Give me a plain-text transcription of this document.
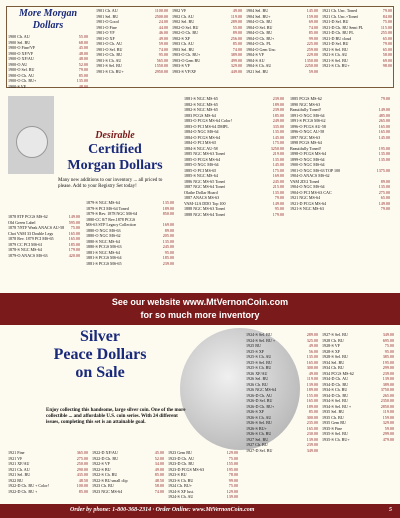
More Morgan Dollars
1900 Ch. AU	55.00
1900 Sel. BU	68.00
1900-O Fine/VF	45.00
1900-O XF/VF	48.00
1900-O XF/AU	48.00
1900-O AU	52.00
1900-O Sel. BU	79.00
1900-O Ch. AU	85.00
1900-O Ch. BU+	135.00
1900-S VF	48.00
1901 Ch. AU	1100.00
1901 Sel. BU	2500.00
1901-O Good	24.00
1901-O Fine	44.00
1901-O VF	46.00
1901-O XF	49.00
1901-O Ch. AU	59.00
1901-O Sel. BU	74.00
1901-O Ch. BU	95.00
1901-S Ch. AU	565.00
1901-S Sel. BU	1550.00
1901-S Ch. BU+	2950.00
1902 VF	49.00
1902 Ch. AU	119.00
1902 Sel. BU	289.00
1902-O Sel. BU	55.00
1902-O Ch. BU	89.00
1902-S XF	256.00
1903 Ch. AU	85.00
1903 Sel. BU	74.00
1903-O Ch. BU+	389.00
1903-O Gem BU	499.00
1903-S VF	329.00
1903-S VF/XF	449.00
1904 Sel. BU	145.00
1904 Sel. BU+	159.00
1904-O Ch. BU	69.00
1904-O Sel. BU	74.00
1904-O Ch. BU	85.00
1904-O Ch. BU+	99.00
1904-O Ch. PL	225.00
1904-O Gem Unc.	259.00
1904-S VF	229.00
1904-S AU	1350.00
1904-S Ch. AU	2250.00
1921 Sel. BU	59.00
1921 Ch. Unc. Toned	79.00
1921 Ch. Unc.+Toned	84.00
1921-D Sel. BU	75.00
1921-D Ch. BU Semi PL	115.00
1921-D Ch. BU PL	255.00
1921-D BU cloud	65.00
1921-D Sel. BU	79.00
1921-S Sel. BU	65.00
1921-S Ch. AU	58.00
1921-S Sel. BU	69.00
1921-S Ch. BU+	98.00
Desirable
Certified
Morgan Dollars
Many new additions to our inventory ... all priced to please. Add to your Registry Set today!
1878 8TF PCGS MS-62	149.00
Old Green Label	595.00
1878 7/8TF Weak ANACS AU-58 75.00
Choi VAM 33 Double Legs	165.00
1878 Rev. 1879 PCI MS-65	165.00
1879 CC PCI MS-61	185.00
1878-S NGC MS-64	179.00
1879-O ANACS MS-63	420.00
1879-S NGC MS-64	135.00
1879-S PCI MS-64 Toned	189.00
1879-S Rev. 1878 NGC MS-64	850.00
1880-CC 8/7 Rev.1878 PCGS
MS-63 STP Legacy Collection	169.00
1880-O NGC MS-63	89.00
1880-O NGC MS-62	205.00
1880-S NGC MS-64	135.00
1880-S PCGS MS-63	245.00
1881-S NGC MS-64	95.00
1881-S PCGS MS-64	185.00
1881-S PCGS MS-65	239.00
1881-S NGC MS-65	239.00
1882-S NGC MS-65	189.00
1882-S NGC MS-65	239.00
1883 PCGS MS-64	185.00
1883-O PCGS MS-64 Color!	249.00
1883-O PCI MS-64 DMPL	335.00
1884-O NGC MS-64	135.00
1884-O PCGS MS-64	145.00
1884-O PCI MS-65	175.00
1884-S NGC AU-58	3250.00
1885 NGC MS-63 Toned	219.00
1885-O PCGS MS-64	135.00
1885-O NGC MS-64	145.00
1885-O PCI MS-65	175.00
1885-S NGC MS-64	169.00
1886 NGC MS-65 Toned	245.00
1887 NGC MS-64 Toned	215.00
Olathe Dollar Hoard	135.00
1887 ANACS MS-63	79.00
VAM-12A DDO Top 100	149.00
1888 NGC MS-63 Toned	95.00
1888 NGC MS-64 Toned	179.00
1885 PCGS MS-62	79.00
1890 NGC MS-63
Beautifully Toned!	149.00
1891-O NGC MS-64	485.00
1891-S PCGS MS-62	265.00
1896-O PCGS AU-58	165.00
1896-O NGC AU-58	165.00
1897 NGC MS-63	145.00
1898 PCGS MS-64
Beautifully Toned!	195.00
1898-O PCGS MS-64	135.00
1899-O NGC MS-64	135.00
1900-O NGC MS-64
1901-O NGC MS-63 TOP 100	1375.00
1904-O ANACS MS-62
VAM 2D/2 Toned	89.00
1904-O NGC MS-64	135.00
1904-O PCI MS-63 CAC	275.00
1921 NGC MS-64	65.00
1921-D PCGS MS-64	149.00
1921-S NGC MS-63	79.00
See our website www.MtVernonCoin.com
for so much more inventory
Silver
Peace Dollars
on Sale
Enjoy collecting this handsome, large silver coin. One of the more collectible ... and affordable U.S. coin series. With 24 different issues, completing this set is an attainable goal.
1921 Fine	365.00
1921 VF	275.00
1921 XF/AU	250.00
1921 Ch. AU	290.00
1921 Sel. BU	435.00
1922 BU	48.50
1922-D Ch. BU + Color!	100.00
1922-D Ch. BU +	85.00
1922-D XF/AU	45.00
1922-D Ch. BU	52.00
1922-S VF	34.00
1922-S BU	49.00
1922-S Ch. BU	85.00
1922-S BU small clip	48.50
1923 Ch. BU	58.00
1923 NGC MS-64	74.00
1923 Gem BU	129.00
1923-D Ch. AU	75.00
1923-D Ch. BU	155.00
1923-D PCGS MS-63	195.00
1923-S BU	78.00
1923-S Ch. BU	99.00
1924 Ch. BU+	75.00
1924-S XF lust.	129.00
1924-S Ch. AU	139.00
1924-S Sel. BU	289.00
1924-S Sel. BU +	325.00
1925 BU	49.00
1925-S XF	56.00
1925-S Ch. AU	135.00
1925-S Sel. BU	165.00
1925-S Ch. BU	300.00
1926 XF/AU	49.00
1926 Sel. BU	119.00
1926 Ch. BU	139.00
1926 NGC MS-64	189.00
1926-D Ch. AU	155.00
1926-D Sel. BU	165.00
1926-D Ch. BU+	189.00
1926-S XF	85.00
1926-S Ch. AU	300.00
1926-S Sel. BU	235.00
1926-S BU+	165.00
1926-S Ch. BU	230.00
1927 Sel. BU	139.00
1927 Ch. BU	239.00
1927-D Sel. BU	349.00
1927-S Sel. BU	349.00
1928 Ch. BU	695.00
1928-S VF	75.00
1928-S XF	95.00
1928-S Sel. BU	385.00
1934 Sel. BU	195.00
1934 Ch. BU	299.00
1934 PCGS MS-62	239.00
1934-D Ch. AU	139.00
1934-D Ch. BU	389.00
1934-S Ch. BU	3750.00
1934-D Ch. BU	265.00
1934-S Sel. BU	2350.00
1934-S Sel. BU +	2850.00
1935 Sel. BU	119.00
1935 Ch. BU	159.00
1935 Gem BU	329.00
1935-S Fine	59.00
1935-S Sel. BU	299.00
1935-S Ch. BU+	479.00
Order by phone: 1-800-368-2314 · Order Online: www.MtVernonCoin.com	5
